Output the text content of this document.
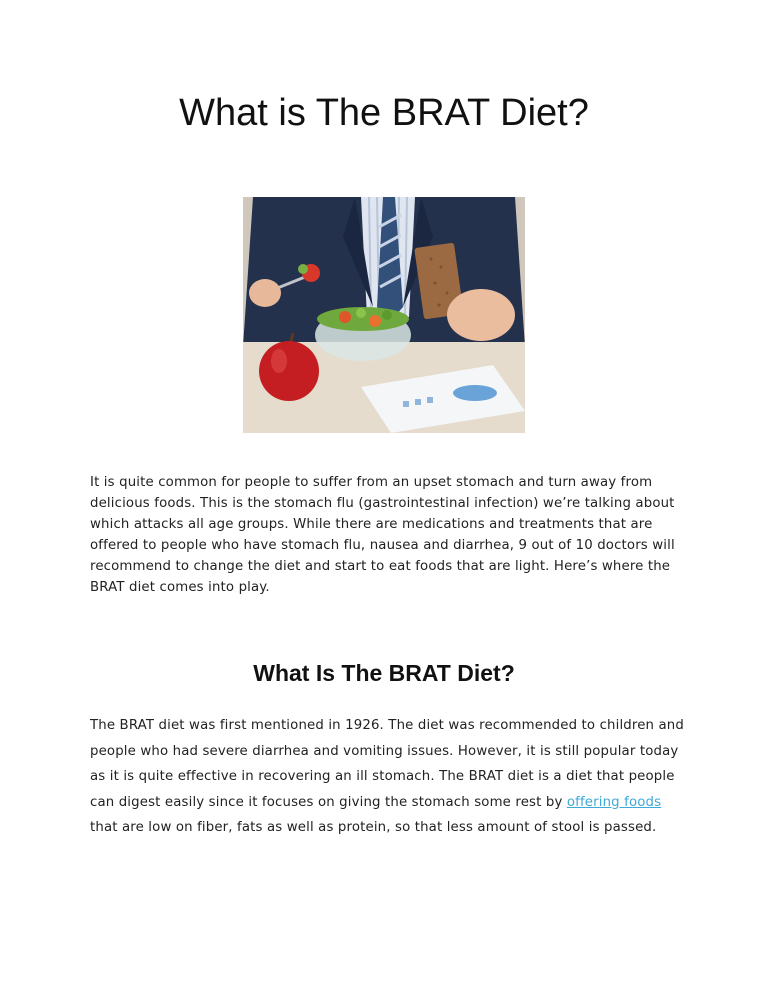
What is The BRAT Diet?

It is quite common for people to suffer from an upset stomach and turn away from delicious foods. This is the stomach flu (gastrointestinal infection) we’re talking about which attacks all age groups. While there are medications and treatments that are offered to people who have stomach flu, nausea and diarrhea, 9 out of 10 doctors will recommend to change the diet and start to eat foods that are light. Here’s where the BRAT diet comes into play.

What Is The BRAT Diet?

The BRAT diet was first mentioned in 1926. The diet was recommended to children and people who had severe diarrhea and vomiting issues. However, it is still popular today as it is quite effective in recovering an ill stomach. The BRAT diet is a diet that people can digest easily since it focuses on giving the stomach some rest by offering foods that are low on fiber, fats as well as protein, so that less amount of stool is passed.
